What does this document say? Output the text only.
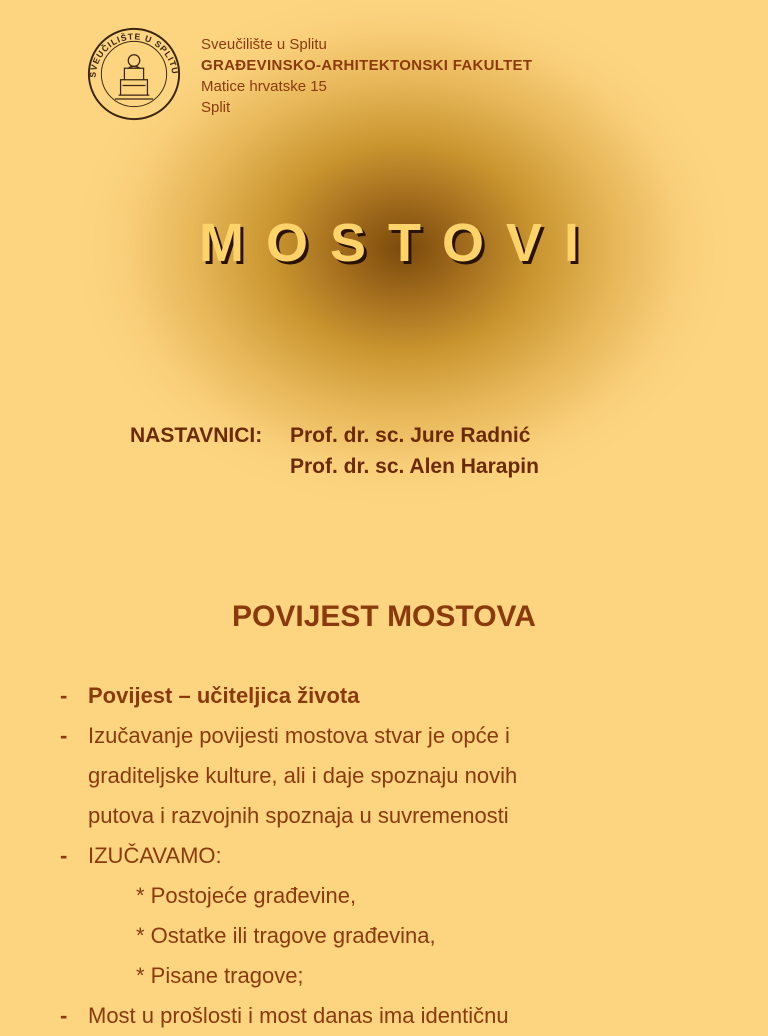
SVEUČILIŠTE U SPLITU
Sveučilište u Splitu
GRAĐEVINSKO-ARHITEKTONSKI FAKULTET
Matice hrvatske 15
Split
MOSTOVI
NASTAVNICI:	Prof. dr. sc. Jure Radnić
Prof. dr. sc. Alen Harapin
POVIJEST MOSTOVA
- Povijest – učiteljica života
- Izučavanje povijesti mostova stvar je opće i
graditeljske kulture, ali i daje spoznaju novih
putova i razvojnih spoznaja u suvremenosti
- IZUČAVAMO:
* Postojeće građevine,
* Ostatke ili tragove građevina,
* Pisane tragove;
- Most u prošlosti i most danas ima identičnu
